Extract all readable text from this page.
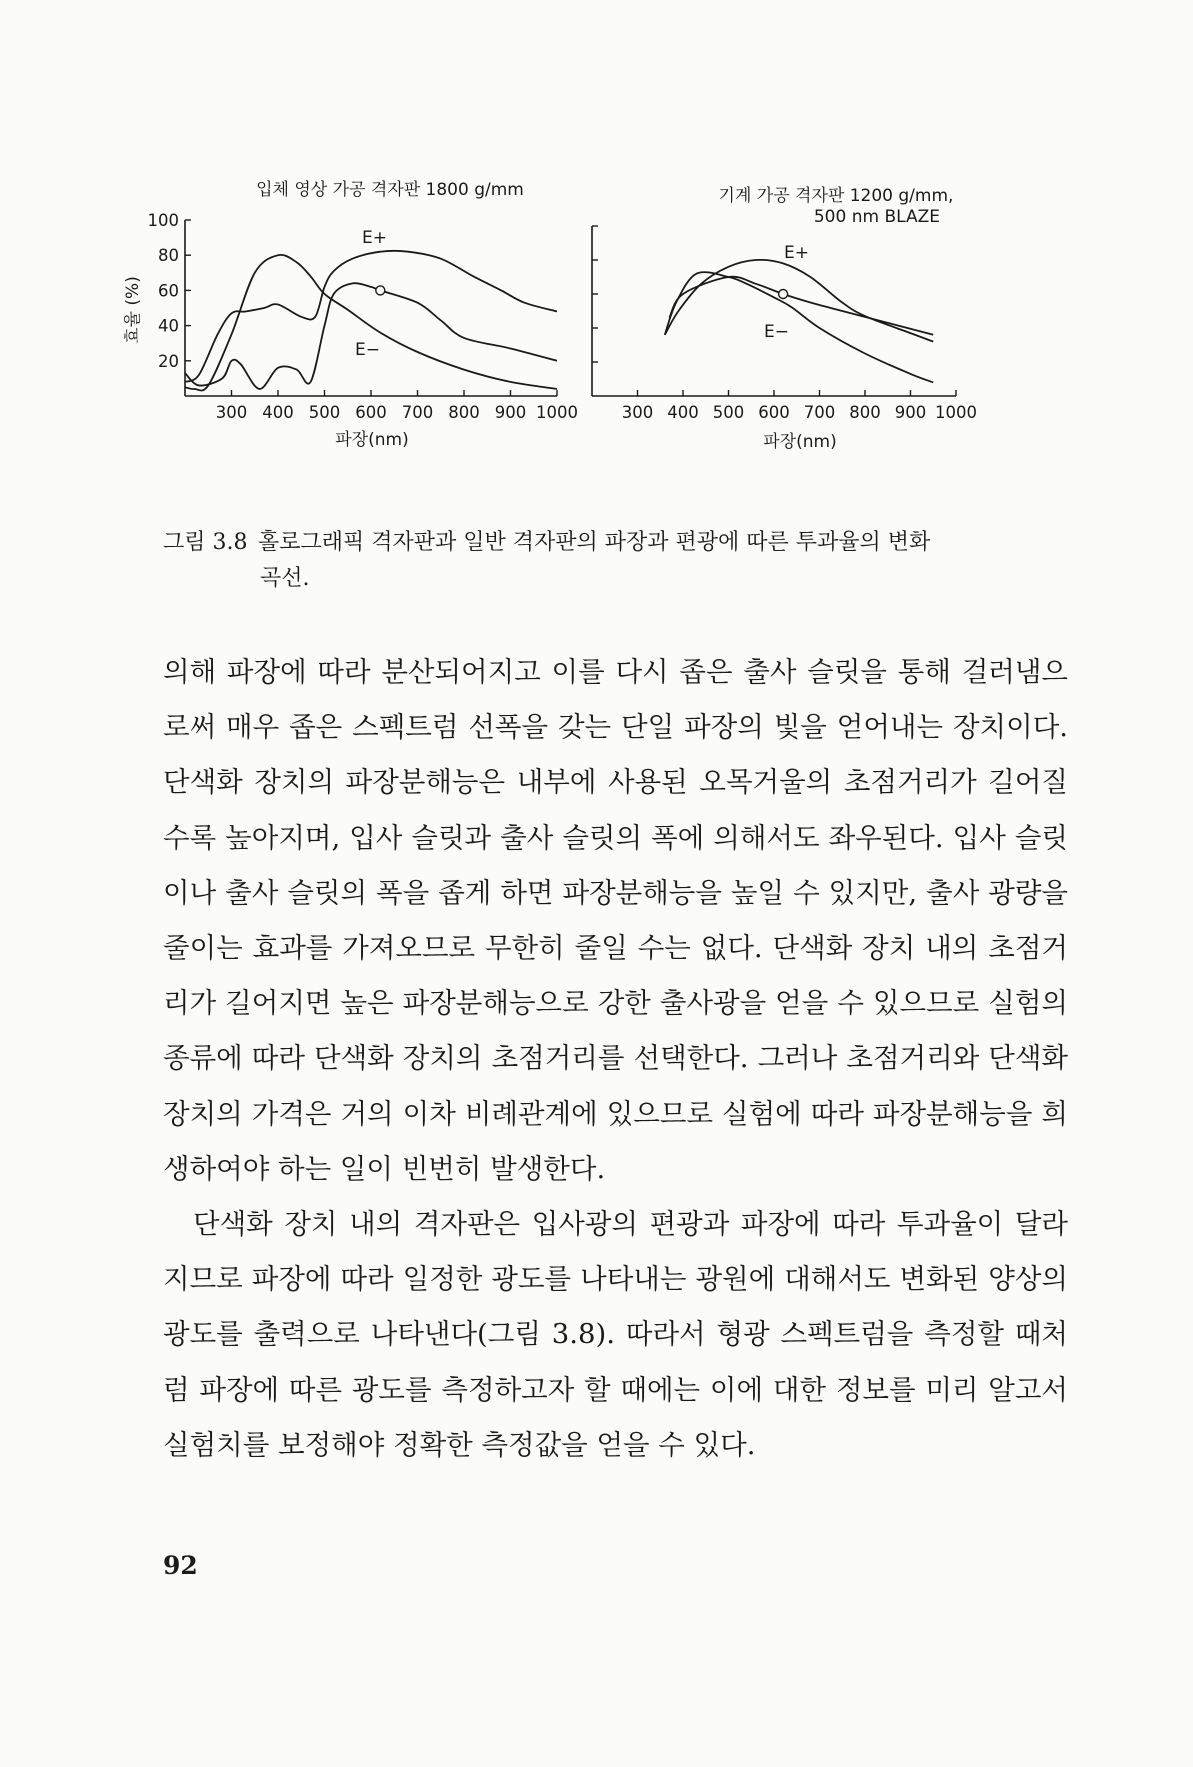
효율 (%)
입체 영상 가공 격자판 1800 g/mm	기계 가공 격자판 1200 g/mm,
500 nm BLAZE
300 400 500 600 700 800 900 1000
20
40
60
80
100
300 400 500 600 700 800 900 1000
E+
E−
E+
E−
파장(nm)	파장(nm)
그림 3.8 홀로그래픽 격자판과 일반 격자판의 파장과 편광에 따른 투과율의 변화
곡선.

의해 파장에 따라 분산되어지고 이를 다시 좁은 출사 슬릿을 통해 걸러냄으로써 매우 좁은 스펙트럼 선폭을 갖는 단일 파장의 빛을 얻어내는 장치이다. 단색화 장치의 파장분해능은 내부에 사용된 오목거울의 초점거리가 길어질수록 높아지며, 입사 슬릿과 출사 슬릿의 폭에 의해서도 좌우된다. 입사 슬릿이나 출사 슬릿의 폭을 좁게 하면 파장분해능을 높일 수 있지만, 출사 광량을 줄이는 효과를 가져오므로 무한히 줄일 수는 없다. 단색화 장치 내의 초점거리가 길어지면 높은 파장분해능으로 강한 출사광을 얻을 수 있으므로 실험의 종류에 따라 단색화 장치의 초점거리를 선택한다. 그러나 초점거리와 단색화 장치의 가격은 거의 이차 비례관계에 있으므로 실험에 따라 파장분해능을 희생하여야 하는 일이 빈번히 발생한다.

단색화 장치 내의 격자판은 입사광의 편광과 파장에 따라 투과율이 달라지므로 파장에 따라 일정한 광도를 나타내는 광원에 대해서도 변화된 양상의 광도를 출력으로 나타낸다(그림 3.8). 따라서 형광 스펙트럼을 측정할 때처럼 파장에 따른 광도를 측정하고자 할 때에는 이에 대한 정보를 미리 알고서 실험치를 보정해야 정확한 측정값을 얻을 수 있다.

92
